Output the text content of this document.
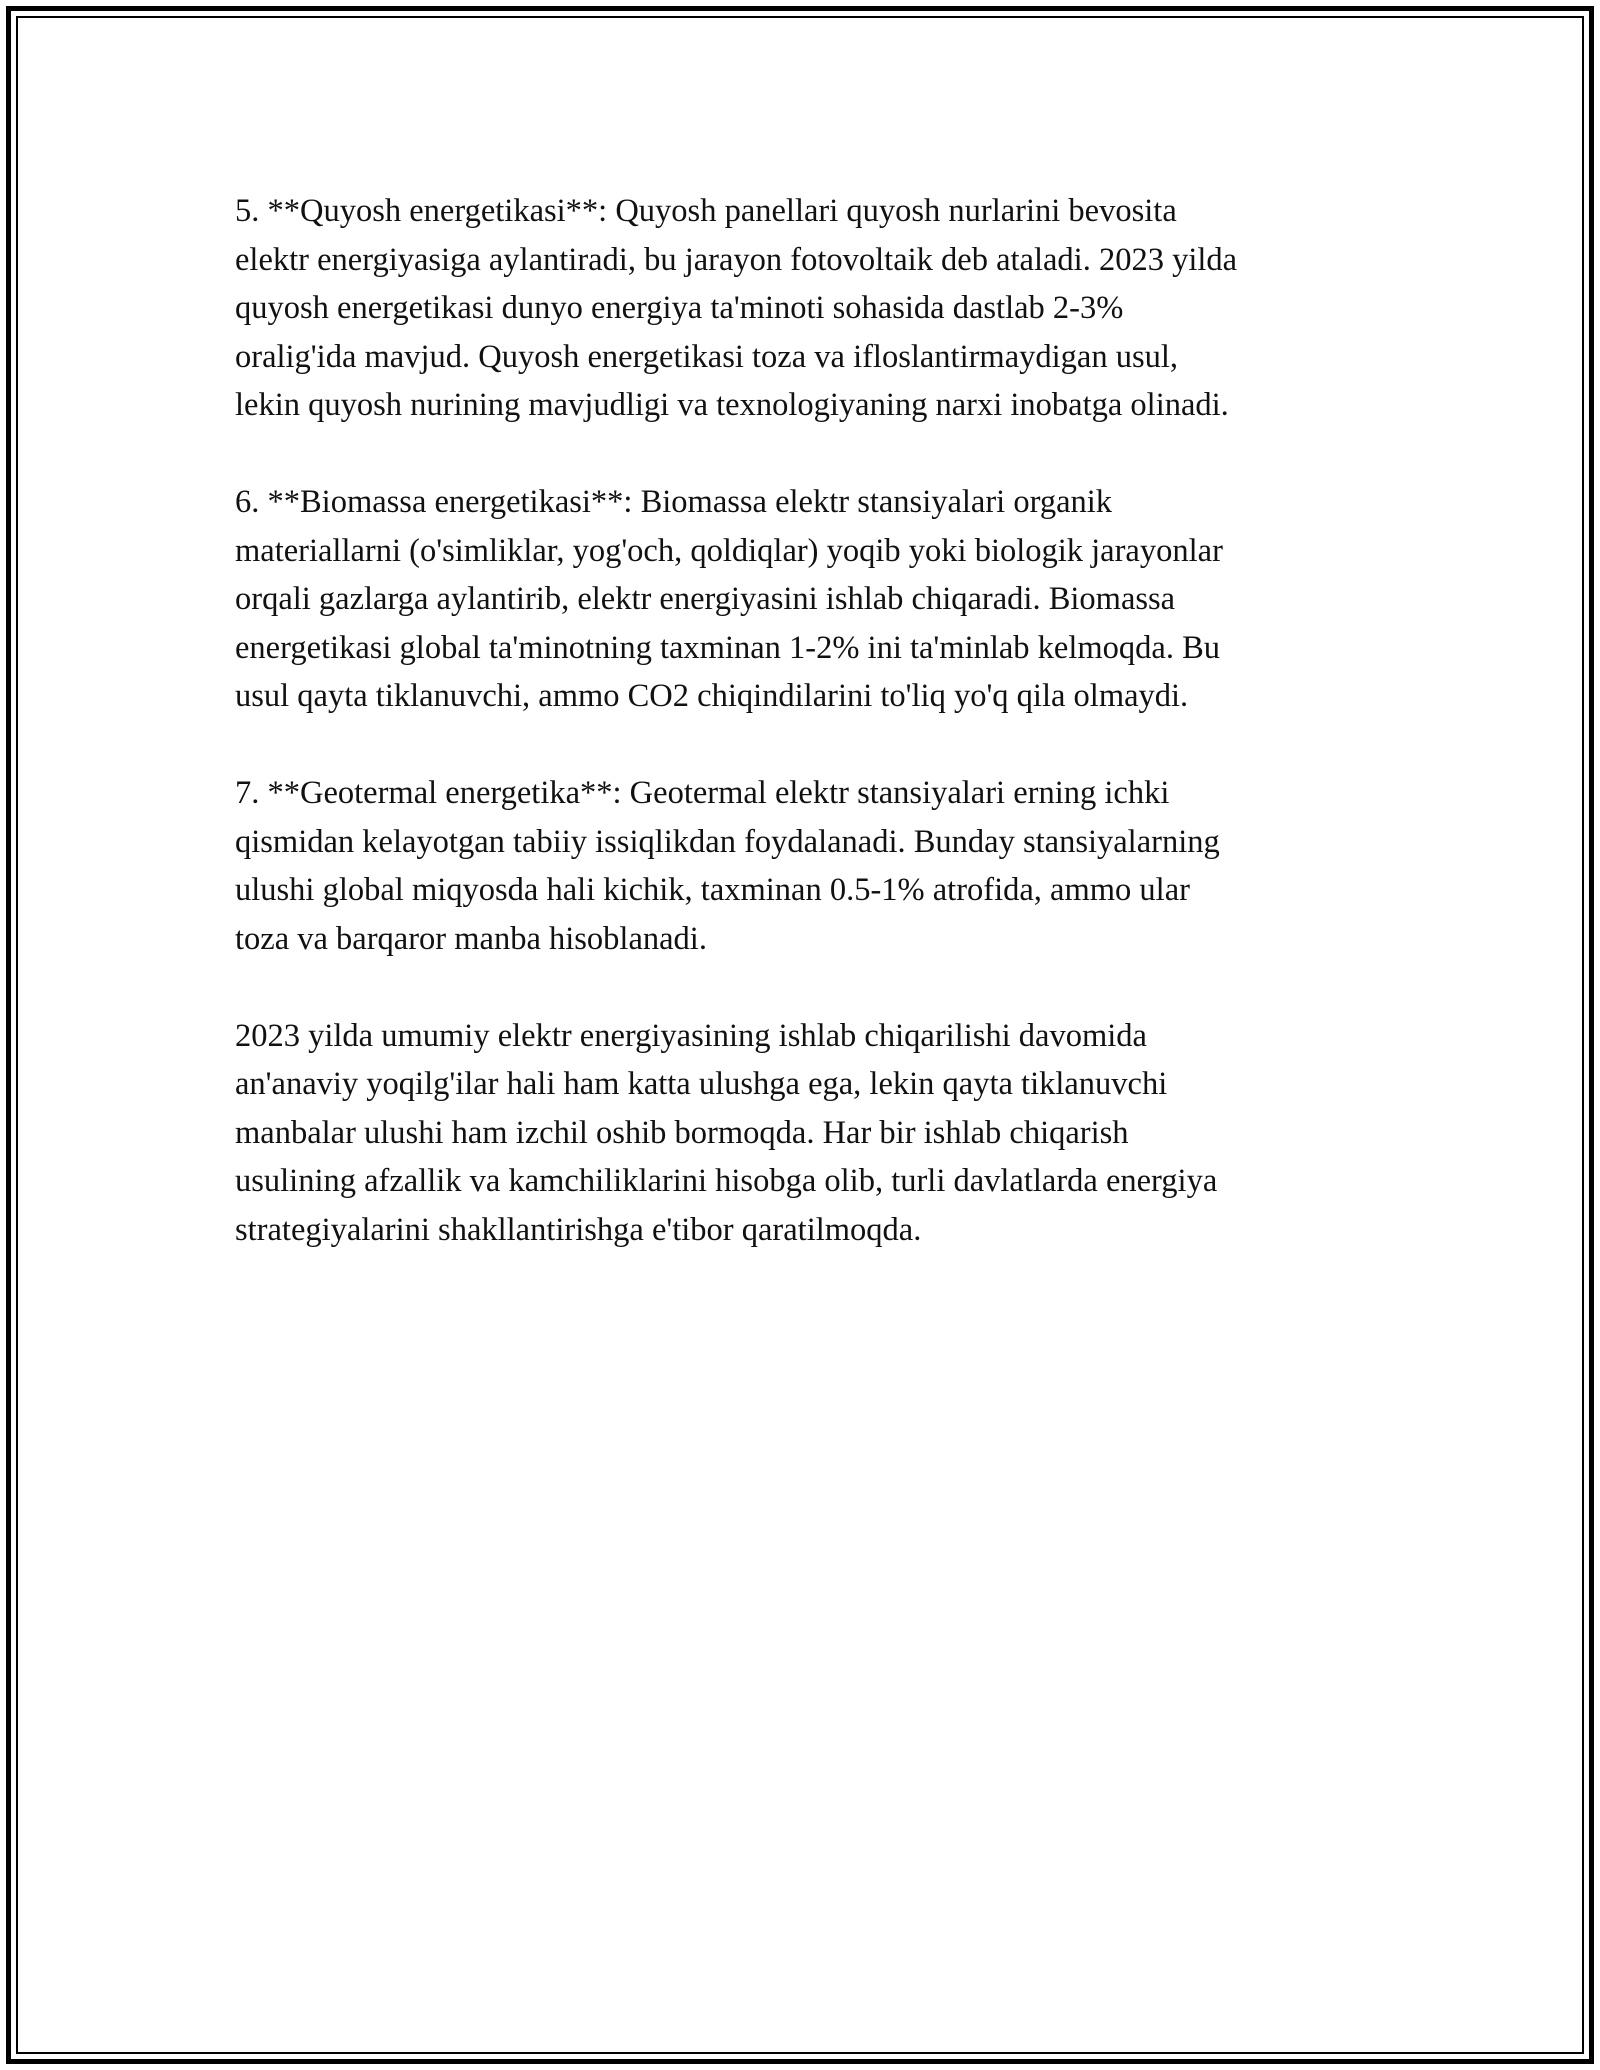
5. **Quyosh energetikasi**: Quyosh panellari quyosh nurlarini bevosita
elektr energiyasiga aylantiradi, bu jarayon fotovoltaik deb ataladi. 2023 yilda
quyosh energetikasi dunyo energiya ta'minoti sohasida dastlab 2-3%
oralig'ida mavjud. Quyosh energetikasi toza va ifloslantirmaydigan usul,
lekin quyosh nurining mavjudligi va texnologiyaning narxi inobatga olinadi.

6. **Biomassa energetikasi**: Biomassa elektr stansiyalari organik
materiallarni (o'simliklar, yog'och, qoldiqlar) yoqib yoki biologik jarayonlar
orqali gazlarga aylantirib, elektr energiyasini ishlab chiqaradi. Biomassa
energetikasi global ta'minotning taxminan 1-2% ini ta'minlab kelmoqda. Bu
usul qayta tiklanuvchi, ammo CO2 chiqindilarini to'liq yo'q qila olmaydi.

7. **Geotermal energetika**: Geotermal elektr stansiyalari erning ichki
qismidan kelayotgan tabiiy issiqlikdan foydalanadi. Bunday stansiyalarning
ulushi global miqyosda hali kichik, taxminan 0.5-1% atrofida, ammo ular
toza va barqaror manba hisoblanadi.

2023 yilda umumiy elektr energiyasining ishlab chiqarilishi davomida
an'anaviy yoqilg'ilar hali ham katta ulushga ega, lekin qayta tiklanuvchi
manbalar ulushi ham izchil oshib bormoqda. Har bir ishlab chiqarish
usulining afzallik va kamchiliklarini hisobga olib, turli davlatlarda energiya
strategiyalarini shakllantirishga e'tibor qaratilmoqda.
